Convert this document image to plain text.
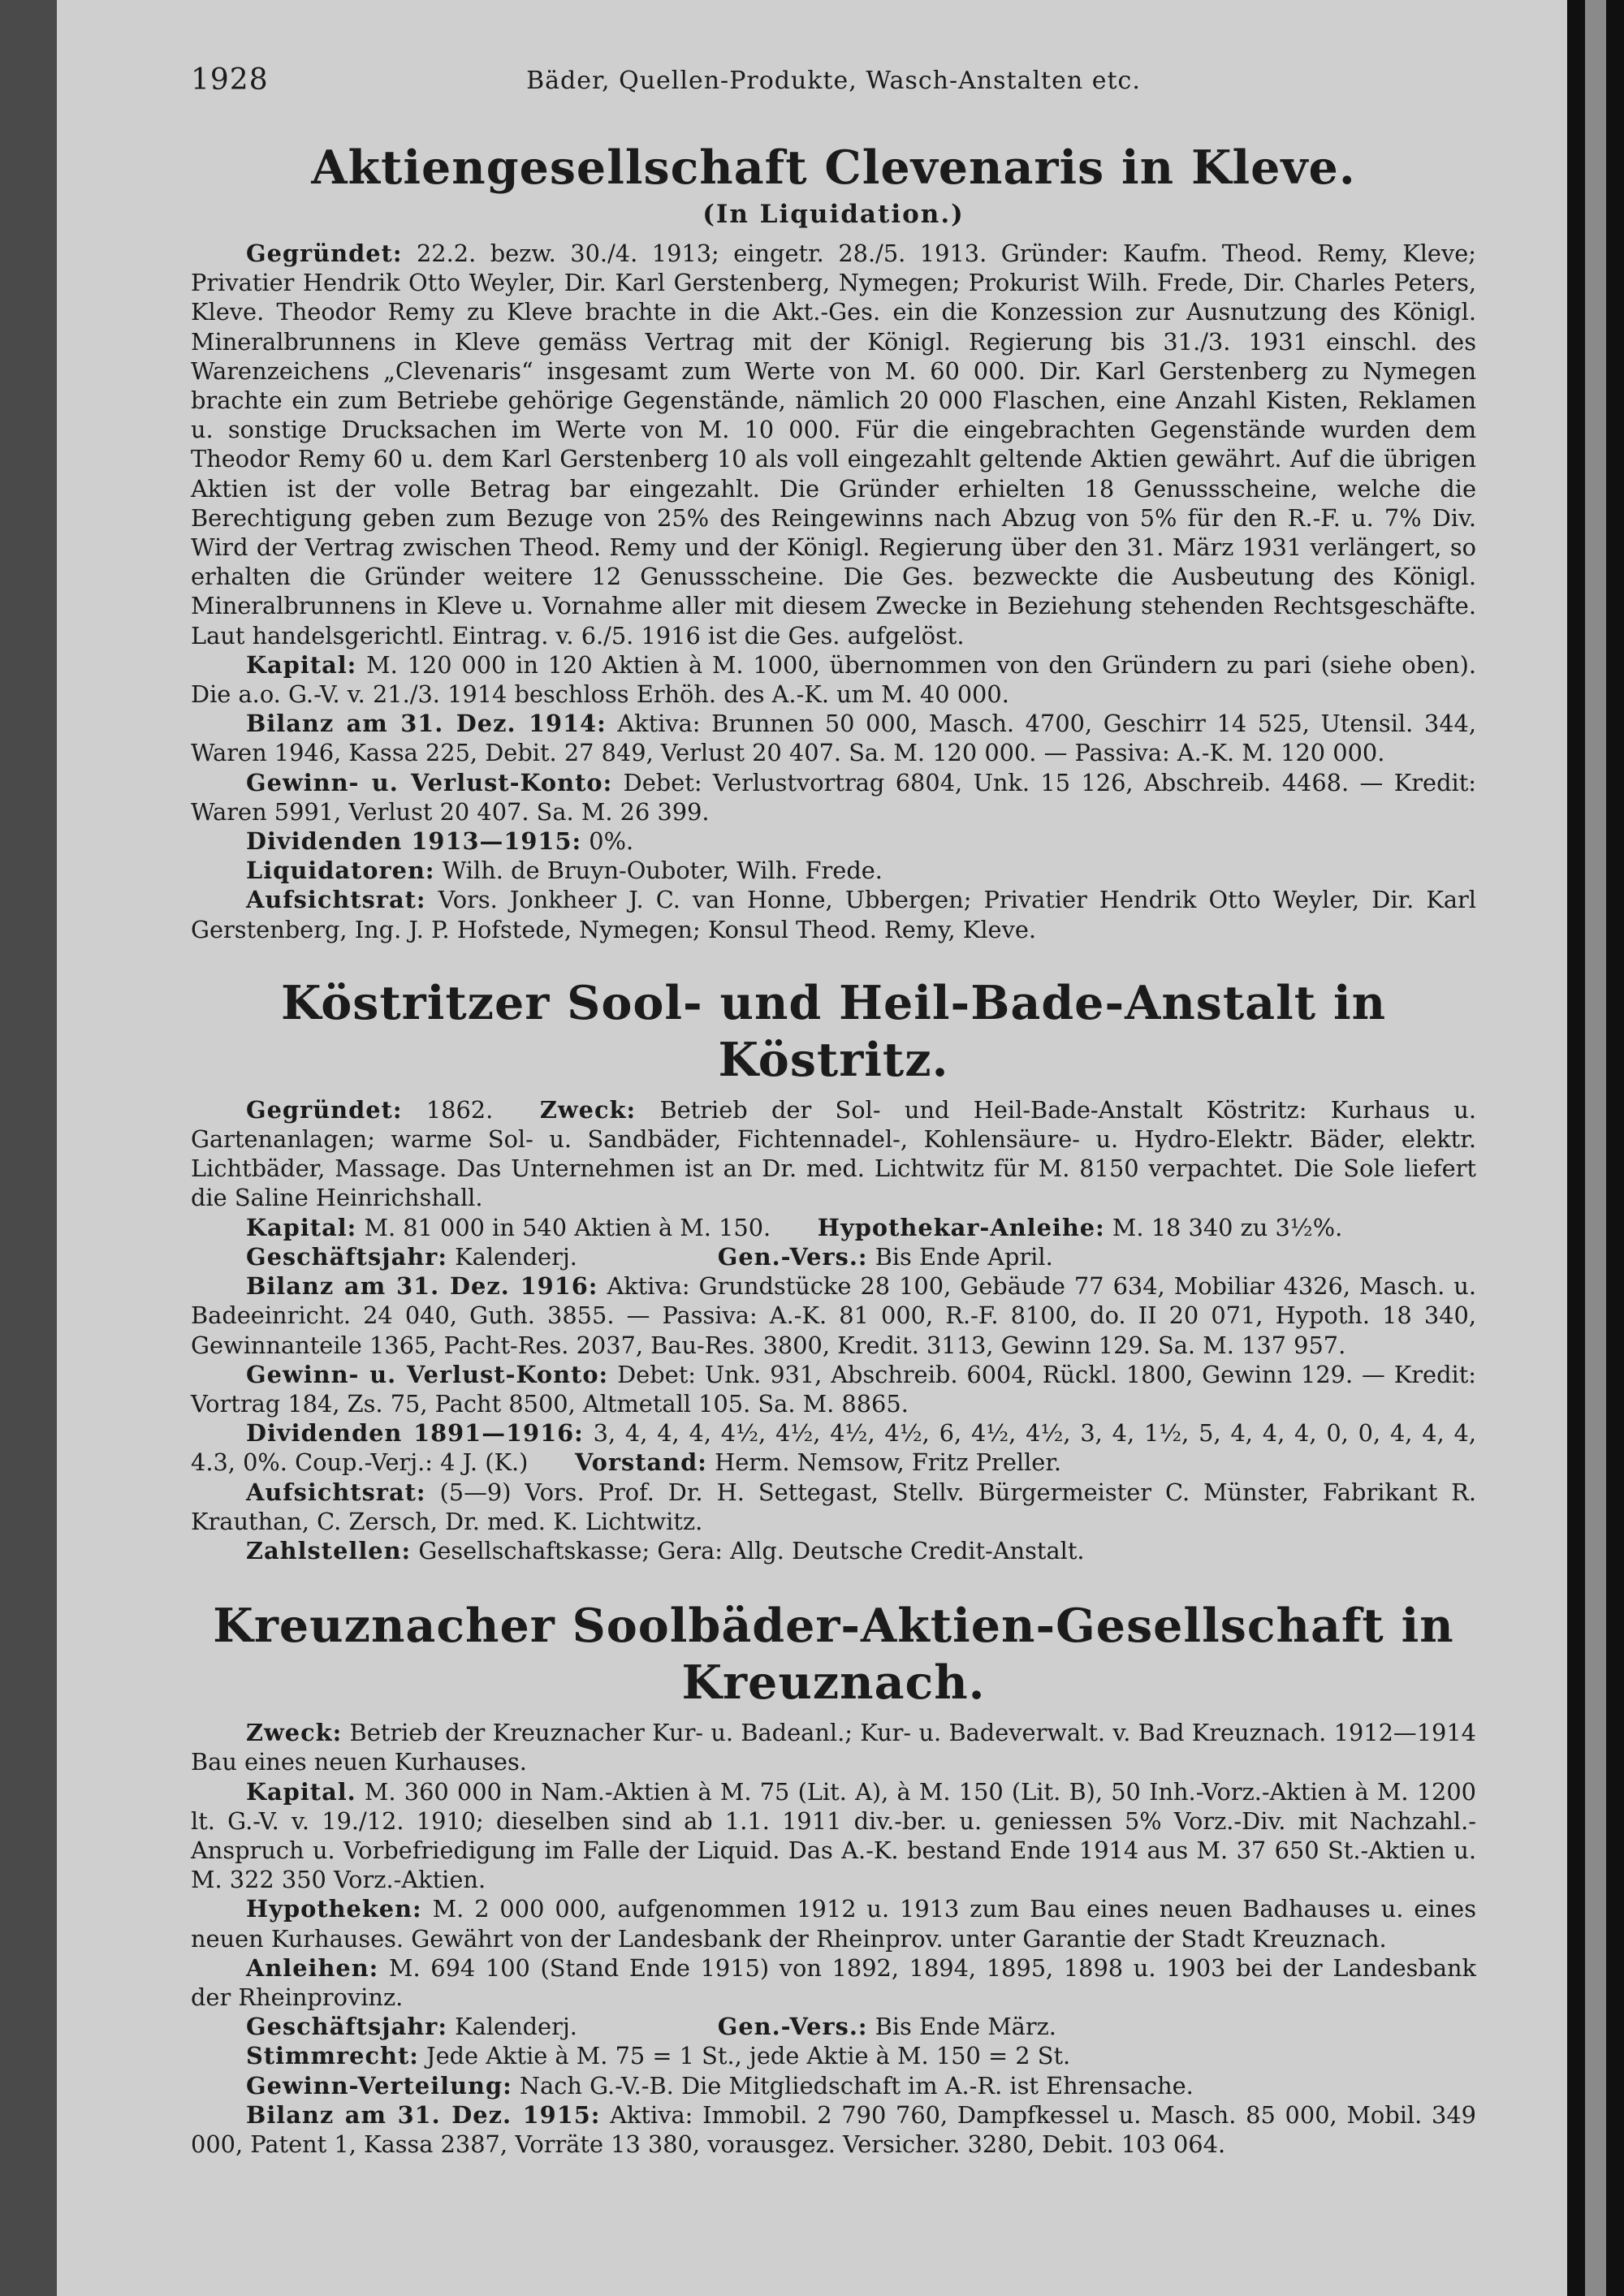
1928	Bäder, Quellen-Produkte, Wasch-Anstalten etc.
Aktiengesellschaft Clevenaris in Kleve.
(In Liquidation.)

Gegründet: 22.2. bezw. 30./4. 1913; eingetr. 28./5. 1913. Gründer: Kaufm. Theod. Remy, Kleve; Privatier Hendrik Otto Weyler, Dir. Karl Gerstenberg, Nymegen; Prokurist Wilh. Frede, Dir. Charles Peters, Kleve. Theodor Remy zu Kleve brachte in die Akt.-Ges. ein die Konzession zur Ausnutzung des Königl. Mineralbrunnens in Kleve gemäss Vertrag mit der Königl. Regierung bis 31./3. 1931 einschl. des Warenzeichens „Clevenaris“ insgesamt zum Werte von M. 60 000. Dir. Karl Gerstenberg zu Nymegen brachte ein zum Betriebe gehörige Gegenstände, nämlich 20 000 Flaschen, eine Anzahl Kisten, Reklamen u. sonstige Drucksachen im Werte von M. 10 000. Für die eingebrachten Gegenstände wurden dem Theodor Remy 60 u. dem Karl Gerstenberg 10 als voll eingezahlt geltende Aktien gewährt. Auf die übrigen Aktien ist der volle Betrag bar eingezahlt. Die Gründer erhielten 18 Genussscheine, welche die Berechtigung geben zum Bezuge von 25% des Reingewinns nach Abzug von 5% für den R.-F. u. 7% Div. Wird der Vertrag zwischen Theod. Remy und der Königl. Regierung über den 31. März 1931 verlängert, so erhalten die Gründer weitere 12 Genussscheine. Die Ges. bezweckte die Ausbeutung des Königl. Mineralbrunnens in Kleve u. Vornahme aller mit diesem Zwecke in Beziehung stehenden Rechtsgeschäfte. Laut handelsgerichtl. Eintrag. v. 6./5. 1916 ist die Ges. aufgelöst.

Kapital: M. 120 000 in 120 Aktien à M. 1000, übernommen von den Gründern zu pari (siehe oben). Die a.o. G.-V. v. 21./3. 1914 beschloss Erhöh. des A.-K. um M. 40 000.

Bilanz am 31. Dez. 1914: Aktiva: Brunnen 50 000, Masch. 4700, Geschirr 14 525, Utensil. 344, Waren 1946, Kassa 225, Debit. 27 849, Verlust 20 407. Sa. M. 120 000. — Passiva: A.-K. M. 120 000.

Gewinn- u. Verlust-Konto: Debet: Verlustvortrag 6804, Unk. 15 126, Abschreib. 4468. — Kredit: Waren 5991, Verlust 20 407. Sa. M. 26 399.

Dividenden 1913—1915: 0%.

Liquidatoren: Wilh. de Bruyn-Ouboter, Wilh. Frede.

Aufsichtsrat: Vors. Jonkheer J. C. van Honne, Ubbergen; Privatier Hendrik Otto Weyler, Dir. Karl Gerstenberg, Ing. J. P. Hofstede, Nymegen; Konsul Theod. Remy, Kleve.

Köstritzer Sool- und Heil-Bade-Anstalt in Köstritz.

Gegründet: 1862.   Zweck: Betrieb der Sol- und Heil-Bade-Anstalt Köstritz: Kurhaus u. Gartenanlagen; warme Sol- u. Sandbäder, Fichtennadel-, Kohlensäure- u. Hydro-Elektr. Bäder, elektr. Lichtbäder, Massage. Das Unternehmen ist an Dr. med. Lichtwitz für M. 8150 verpachtet. Die Sole liefert die Saline Heinrichshall.

Kapital: M. 81 000 in 540 Aktien à M. 150.   Hypothekar-Anleihe: M. 18 340 zu 3½%.

Geschäftsjahr: Kalenderj.      	Gen.-Vers.: Bis Ende April.

Bilanz am 31. Dez. 1916: Aktiva: Grundstücke 28 100, Gebäude 77 634, Mobiliar 4326, Masch. u. Badeeinricht. 24 040, Guth. 3855. — Passiva: A.-K. 81 000, R.-F. 8100, do. II 20 071, Hypoth. 18 340, Gewinnanteile 1365, Pacht-Res. 2037, Bau-Res. 3800, Kredit. 3113, Gewinn 129. Sa. M. 137 957.

Gewinn- u. Verlust-Konto: Debet: Unk. 931, Abschreib. 6004, Rückl. 1800, Gewinn 129. — Kredit: Vortrag 184, Zs. 75, Pacht 8500, Altmetall 105. Sa. M. 8865.

Dividenden 1891—1916: 3, 4, 4, 4, 4½, 4½, 4½, 4½, 6, 4½, 4½, 3, 4, 1½, 5, 4, 4, 4, 0, 0, 4, 4, 4, 4.3, 0%. Coup.-Verj.: 4 J. (K.)   Vorstand: Herm. Nemsow, Fritz Preller.

Aufsichtsrat: (5—9) Vors. Prof. Dr. H. Settegast, Stellv. Bürgermeister C. Münster, Fabrikant R. Krauthan, C. Zersch, Dr. med. K. Lichtwitz.

Zahlstellen: Gesellschaftskasse; Gera: Allg. Deutsche Credit-Anstalt.

Kreuznacher Soolbäder-Aktien-Gesellschaft in Kreuznach.

Zweck: Betrieb der Kreuznacher Kur- u. Badeanl.; Kur- u. Badeverwalt. v. Bad Kreuznach. 1912—1914 Bau eines neuen Kurhauses.

Kapital. M. 360 000 in Nam.-Aktien à M. 75 (Lit. A), à M. 150 (Lit. B), 50 Inh.-Vorz.-Aktien à M. 1200 lt. G.-V. v. 19./12. 1910; dieselben sind ab 1.1. 1911 div.-ber. u. geniessen 5% Vorz.-Div. mit Nachzahl.-Anspruch u. Vorbefriedigung im Falle der Liquid. Das A.-K. bestand Ende 1914 aus M. 37 650 St.-Aktien u. M. 322 350 Vorz.-Aktien.

Hypotheken: M. 2 000 000, aufgenommen 1912 u. 1913 zum Bau eines neuen Badhauses u. eines neuen Kurhauses. Gewährt von der Landesbank der Rheinprov. unter Garantie der Stadt Kreuznach.

Anleihen: M. 694 100 (Stand Ende 1915) von 1892, 1894, 1895, 1898 u. 1903 bei der Landesbank der Rheinprovinz.

Geschäftsjahr: Kalenderj.      	Gen.-Vers.: Bis Ende März.

Stimmrecht: Jede Aktie à M. 75 = 1 St., jede Aktie à M. 150 = 2 St.

Gewinn-Verteilung: Nach G.-V.-B. Die Mitgliedschaft im A.-R. ist Ehrensache.

Bilanz am 31. Dez. 1915: Aktiva: Immobil. 2 790 760, Dampfkessel u. Masch. 85 000, Mobil. 349 000, Patent 1, Kassa 2387, Vorräte 13 380, vorausgez. Versicher. 3280, Debit. 103 064.
